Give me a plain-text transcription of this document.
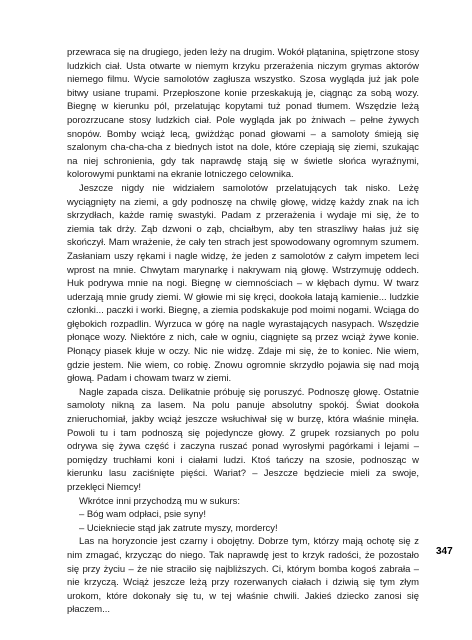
przewraca się na drugiego, jeden leży na drugim. Wokół plątanina, spiętrzone stosy ludzkich ciał. Usta otwarte w niemym krzyku przerażenia niczym grymas aktorów niemego filmu. Wycie samolotów zagłusza wszystko. Szosa wygląda już jak pole bitwy usiane trupami. Przepłoszone konie przeskakują je, ciągnąc za sobą wozy. Biegnę w kierunku pól, przelatując kopytami tuż ponad tłumem. Wszędzie leżą porozrzucane stosy ludzkich ciał. Pole wygląda jak po żniwach – pełne żywych snopów. Bomby wciąż lecą, gwiżdżąc ponad głowami – a samoloty śmieją się szalonym cha-cha-cha z biednych istot na dole, które czepiają się ziemi, szukając na niej schronienia, gdy tak naprawdę stają się w świetle słońca wyraźnymi, kolorowymi punktami na ekranie lotniczego celownika.

Jeszcze nigdy nie widziałem samolotów przelatujących tak nisko. Leżę wyciągnięty na ziemi, a gdy podnoszę na chwilę głowę, widzę każdy znak na ich skrzydłach, każde ramię swastyki. Padam z przerażenia i wydaje mi się, że to ziemia tak drży. Ząb dzwoni o ząb, chciałbym, aby ten straszliwy hałas już się skończył. Mam wrażenie, że cały ten strach jest spowodowany ogromnym szumem. Zasłaniam uszy rękami i nagle widzę, że jeden z samolotów z całym impetem leci wprost na mnie. Chwytam marynarkę i nakrywam nią głowę. Wstrzymuję oddech. Huk podrywa mnie na nogi. Biegnę w ciemnościach – w kłębach dymu. W twarz uderzają mnie grudy ziemi. W głowie mi się kręci, dookoła latają kamienie... ludzkie członki... paczki i worki. Biegnę, a ziemia podskakuje pod moimi nogami. Wciąga do głębokich rozpadlin. Wyrzuca w górę na nagle wyrastających nasypach. Wszędzie płonące wozy. Niektóre z nich, całe w ogniu, ciągnięte są przez wciąż żywe konie. Płonący piasek kłuje w oczy. Nic nie widzę. Zdaje mi się, że to koniec. Nie wiem, gdzie jestem. Nie wiem, co robię. Znowu ogromnie skrzydło pojawia się nad moją głową. Padam i chowam twarz w ziemi.

Nagle zapada cisza. Delikatnie próbuję się poruszyć. Podnoszę głowę. Ostatnie samoloty nikną za lasem. Na polu panuje absolutny spokój. Świat dookoła znieruchomiał, jakby wciąż jeszcze wsłuchiwał się w burzę, która właśnie minęła. Powoli tu i tam podnoszą się pojedyncze głowy. Z grupek rozsianych po polu odrywa się żywa część i zaczyna ruszać ponad wyrosłymi pagórkami i lejami – pomiędzy truchłami koni i ciałami ludzi. Ktoś tańczy na szosie, podnosząc w kierunku lasu zaciśnięte pięści. Wariat? – Jeszcze będziecie mieli za swoje, przeklęci Niemcy!

Wkrótce inni przychodzą mu w sukurs:

– Bóg wam odpłaci, psie syny!

– Uciekniecie stąd jak zatrute myszy, mordercy!

Las na horyzoncie jest czarny i obojętny. Dobrze tym, którzy mają ochotę się z nim zmagać, krzycząc do niego. Tak naprawdę jest to krzyk radości, że pozostało się przy życiu – że nie straciło się najbliższych. Ci, którym bomba kogoś zabrała – nie krzyczą. Wciąż jeszcze leżą przy rozerwanych ciałach i dziwią się tym złym urokom, które dokonały się tu, w tej właśnie chwili. Jakieś dziecko zanosi się płaczem...

347
